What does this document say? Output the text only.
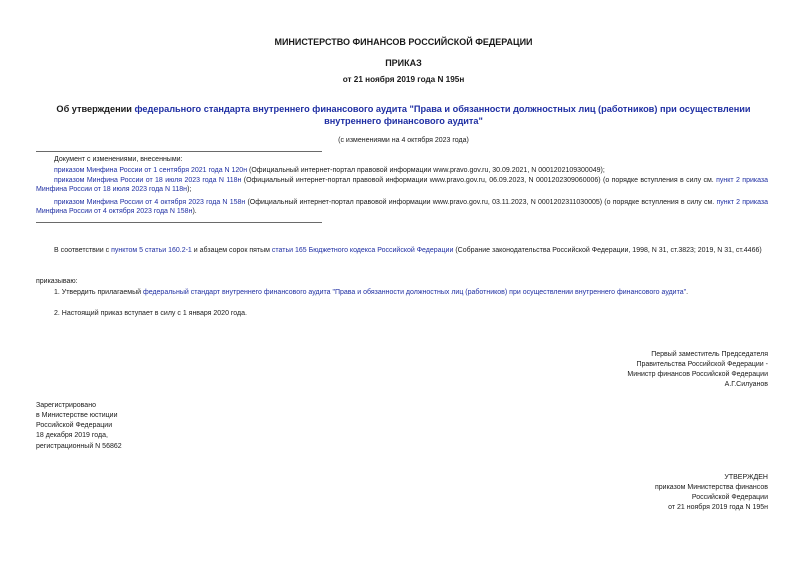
МИНИСТЕРСТВО ФИНАНСОВ РОССИЙСКОЙ ФЕДЕРАЦИИ
ПРИКАЗ
от 21 ноября 2019 года N 195н
Об утверждении федерального стандарта внутреннего финансового аудита "Права и обязанности должностных лиц (работников) при осуществлении внутреннего финансового аудита"
(с изменениями на 4 октября 2023 года)
Документ с изменениями, внесенными:
приказом Минфина России от 1 сентября 2021 года N 120н (Официальный интернет-портал правовой информации www.pravo.gov.ru, 30.09.2021, N 0001202109300049);
приказом Минфина России от 18 июля 2023 года N 118н (Официальный интернет-портал правовой информации www.pravo.gov.ru, 06.09.2023, N 0001202309060006) (о порядке вступления в силу см. пункт 2 приказа Минфина России от 18 июля 2023 года N 118н);
приказом Минфина России от 4 октября 2023 года N 158н (Официальный интернет-портал правовой информации www.pravo.gov.ru, 03.11.2023, N 0001202311030005) (о порядке вступления в силу см. пункт 2 приказа Минфина России от 4 октября 2023 года N 158н).
В соответствии с пунктом 5 статьи 160.2-1 и абзацем сорок пятым статьи 165 Бюджетного кодекса Российской Федерации (Собрание законодательства Российской Федерации, 1998, N 31, ст.3823; 2019, N 31, ст.4466)
приказываю:
1. Утвердить прилагаемый федеральный стандарт внутреннего финансового аудита "Права и обязанности должностных лиц (работников) при осуществлении внутреннего финансового аудита".
2. Настоящий приказ вступает в силу с 1 января 2020 года.
Первый заместитель Председателя
Правительства Российской Федерации -
Министр финансов Российской Федерации
А.Г.Силуанов
Зарегистрировано
в Министерстве юстиции
Российской Федерации
18 декабря 2019 года,
регистрационный N 56862
УТВЕРЖДЕН
приказом Министерства финансов
Российской Федерации
от 21 ноября 2019 года N 195н
